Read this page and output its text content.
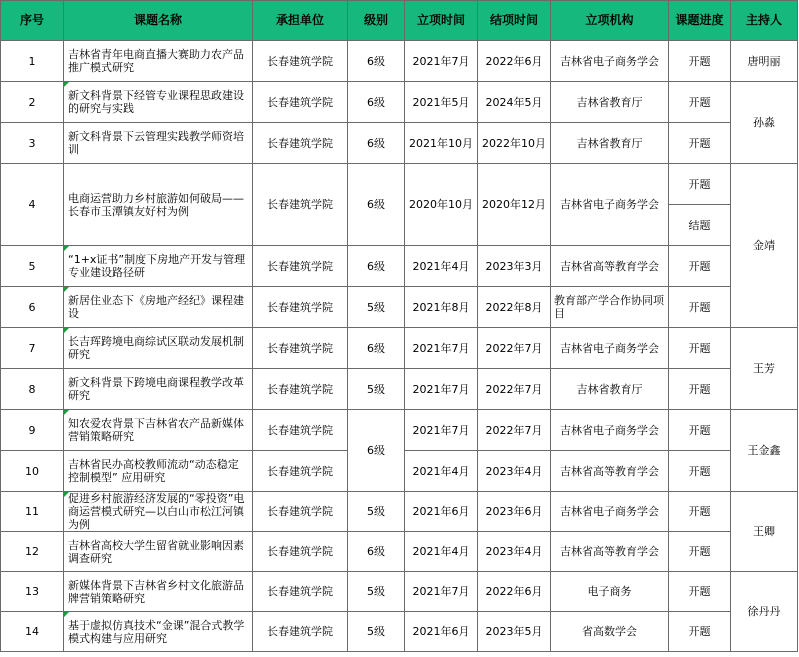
序号	课题名称	承担单位	级别	立项时间	结项时间	立项机构	课题进度	主持人
1	吉林省青年电商直播大赛助力农产品推广模式研究	长春建筑学院	6级	2021年7月	2022年6月	吉林省电子商务学会	开题	唐明丽
2	新文科背景下经管专业课程思政建设的研究与实践	长春建筑学院	6级	2021年5月	2024年5月	吉林省教育厅	开题	孙淼
3	新文科背景下云管理实践教学师资培训	长春建筑学院	6级	2021年10月	2022年10月	吉林省教育厅	开题	
4	电商运营助力乡村旅游如何破局——长春市玉潭镇友好村为例	长春建筑学院	6级	2020年10月	2020年12月	吉林省电子商务学会	开题	金靖
							结题	
5	“1+x证书”制度下房地产开发与管理专业建设路径研	长春建筑学院	6级	2021年4月	2023年3月	吉林省高等教育学会	开题	
6	新居住业态下《房地产经纪》课程建设	长春建筑学院	5级	2021年8月	2022年8月	教育部产学合作协同项目	开题	
7	长吉珲跨境电商综试区联动发展机制研究	长春建筑学院	6级	2021年7月	2022年7月	吉林省电子商务学会	开题	王芳
8	新文科背景下跨境电商课程教学改革研究	长春建筑学院	5级	2021年7月	2022年7月	吉林省教育厅	开题	
9	知农爱农背景下吉林省农产品新媒体营销策略研究	长春建筑学院	6级	2021年7月	2022年7月	吉林省电子商务学会	开题	王金鑫
10	吉林省民办高校教师流动“动态稳定控制模型” 应用研究	长春建筑学院		2021年4月	2023年4月	吉林省高等教育学会	开题	
11	促进乡村旅游经济发展的“零投资”电商运营模式研究—以白山市松江河镇为例	长春建筑学院	5级	2021年6月	2023年6月	吉林省电子商务学会	开题	王卿
12	吉林省高校大学生留省就业影响因素调查研究	长春建筑学院	6级	2021年4月	2023年4月	吉林省高等教育学会	开题	
13	新媒体背景下吉林省乡村文化旅游品牌营销策略研究	长春建筑学院	5级	2021年7月	2022年6月	电子商务	开题	徐丹丹
14	基于虚拟仿真技术“金课”混合式教学模式构建与应用研究	长春建筑学院	5级	2021年6月	2023年5月	省高数学会	开题	
